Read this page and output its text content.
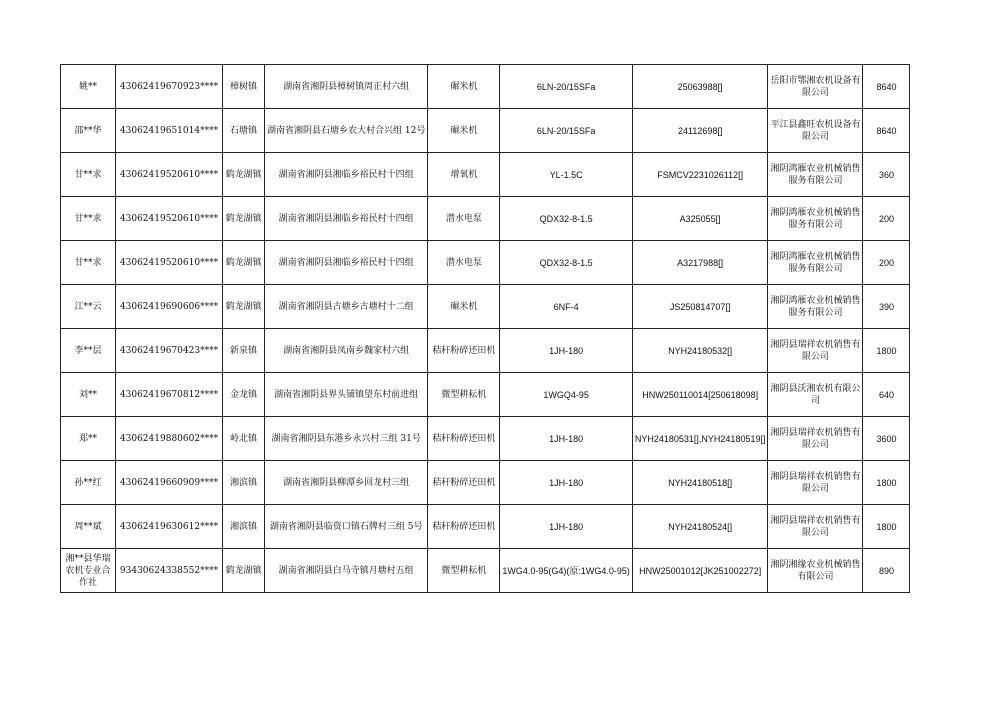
姚**	43062419670923****	樟树镇	湖南省湘阴县樟树镇周正村六组	碾米机	6LN-20/15SFa	25063988[]	岳阳市鄂湘农机设备有限公司	8640
邵**华	43062419651014****	石塘镇	湖南省湘阴县石塘乡农大村合兴组 12号	碾米机	6LN-20/15SFa	24112698[]	平江县鑫旺农机设备有限公司	8640
甘**求	43062419520610****	鹤龙湖镇	湖南省湘阴县湘临乡裕民村十四组	增氧机	YL-1.5C	FSMCV2231026112[]	湘阴鸿雁农业机械销售服务有限公司	360
甘**求	43062419520610****	鹤龙湖镇	湖南省湘阴县湘临乡裕民村十四组	潜水电泵	QDX32-8-1.5	A325055[]	湘阴鸿雁农业机械销售服务有限公司	200
甘**求	43062419520610****	鹤龙湖镇	湖南省湘阴县湘临乡裕民村十四组	潜水电泵	QDX32-8-1.5	A3217988[]	湘阴鸿雁农业机械销售服务有限公司	200
江**云	43062419690606****	鹤龙湖镇	湖南省湘阴县古塘乡古塘村十二组	碾米机	6NF-4	JS250814707[]	湘阴鸿雁农业机械销售服务有限公司	390
李**层	43062419670423****	新泉镇	湖南省湘阴县凤南乡魏家村六组	秸秆粉碎还田机	1JH-180	NYH24180532[]	湘阴县瑞祥农机销售有限公司	1800
刘**	43062419670812****	金龙镇	湖南省湘阴县界头铺镇望东村前进组	微型耕耘机	1WGQ4-95	HNW250110014[250618098]	湘阴县沃湘农机有限公司	640
郑**	43062419880602****	岭北镇	湖南省湘阴县东港乡永兴村三组 31号	秸秆粉碎还田机	1JH-180	NYH24180531[],NYH24180519[]	湘阴县瑞祥农机销售有限公司	3600
孙**红	43062419660909****	湘滨镇	湖南省湘阴县柳潭乡回龙村三组	秸秆粉碎还田机	1JH-180	NYH24180518[]	湘阴县瑞祥农机销售有限公司	1800
周**斌	43062419630612****	湘滨镇	湖南省湘阴县临资口镇石牌村三组 5号	秸秆粉碎还田机	1JH-180	NYH24180524[]	湘阴县瑞祥农机销售有限公司	1800
湘**县华瑞农机专业合作社	93430624338552****	鹤龙湖镇	湖南省湘阴县白马寺镇月塘村五组	微型耕耘机	1WG4.0-95(G4)(原:1WG4.0-95)	HNW25001012[JK251002272]	湘阴湘缘农业机械销售有限公司	890
